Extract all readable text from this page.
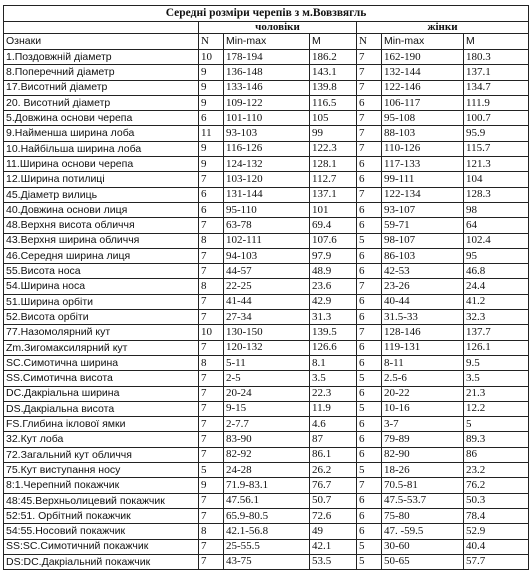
Середні розміри черепів з м.Вовзвягль						
	чоловіки			жінки		
Ознаки	N	Min-max	M	N	Min-max	M
1.Поздовжній діаметр	10	178-194	186.2	7	162-190	180.3
8.Поперечний діаметр	9	136-148	143.1	7	132-144	137.1
17.Висотний діаметр	9	133-146	139.8	7	122-146	134.7
20. Висотний діаметр	9	109-122	116.5	6	106-117	111.9
5.Довжина основи черепа	6	101-110	105	7	95-108	100.7
9.Найменша ширина лоба	11	93-103	99	7	88-103	95.9
10.Найбільша ширина лоба	9	116-126	122.3	7	110-126	115.7
11.Ширина основи черепа	9	124-132	128.1	6	117-133	121.3
12.Ширина потилиці	7	103-120	112.7	6	99-111	104
45.Діаметр вилиць	6	131-144	137.1	7	122-134	128.3
40.Довжина основи лиця	6	95-110	101	6	93-107	98
48.Верхня висота обличчя	7	63-78	69.4	6	59-71	64
43.Верхня ширина обличчя	8	102-111	107.6	5	98-107	102.4
46.Середня ширина лиця	7	94-103	97.9	6	86-103	95
55.Висота носа	7	44-57	48.9	6	42-53	46.8
54.Ширина носа	8	22-25	23.6	7	23-26	24.4
51.Ширина орбіти	7	41-44	42.9	6	40-44	41.2
52.Висота орбіти	7	27-34	31.3	6	31.5-33	32.3
77.Назомолярний кут	10	130-150	139.5	7	128-146	137.7
Zm.Зигомаксилярний кут	7	120-132	126.6	6	119-131	126.1
SC.Симотична ширина	8	5-11	8.1	6	8-11	9.5
SS.Симотична висота	7	2-5	3.5	5	2.5-6	3.5
DC.Дакріальна ширина	7	20-24	22.3	6	20-22	21.3
DS.Дакріальна висота	7	9-15	11.9	5	10-16	12.2
FS.Глибина іклової ямки	7	2-7.7	4.6	6	3-7	5
32.Кут лоба	7	83-90	87	6	79-89	89.3
72.Загальний кут обличчя	7	82-92	86.1	6	82-90	86
75.Кут виступання носу	5	24-28	26.2	5	18-26	23.2
8:1.Черепний покажчик	9	71.9-83.1	76.7	7	70.5-81	76.2
48:45.Верхньолицевий покажчик	7	47.56.1	50.7	6	47.5-53.7	50.3
52:51. Орбітний покажчик	7	65.9-80.5	72.6	6	75-80	78.4
54:55.Носовий покажчик	8	42.1-56.8	49	6	47. -59.5	52.9
SS:SC.Симотичний покажчик	7	25-55.5	42.1	5	30-60	40.4
DS:DC.Дакріальний покажчик	7	43-75	53.5	5	50-65	57.7
